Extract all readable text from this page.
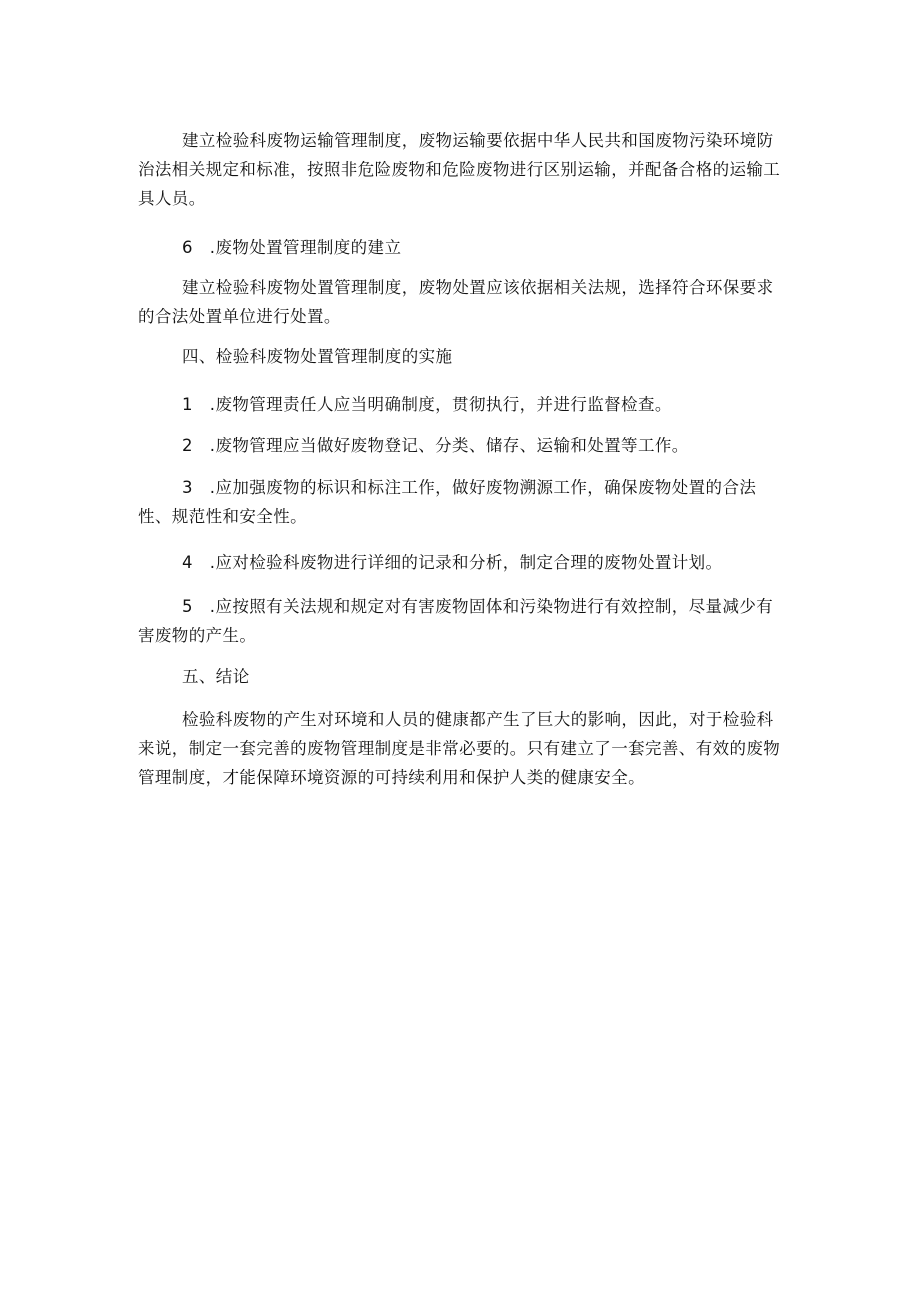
建立检验科废物运输管理制度，废物运输要依据中华人民共和国废物污染环境防治法相关规定和标准，按照非危险废物和危险废物进行区别运输，并配备合格的运输工具人员。

6　.废物处置管理制度的建立

建立检验科废物处置管理制度，废物处置应该依据相关法规，选择符合环保要求的合法处置单位进行处置。

四、检验科废物处置管理制度的实施

1　.废物管理责任人应当明确制度，贯彻执行，并进行监督检查。

2　.废物管理应当做好废物登记、分类、储存、运输和处置等工作。

3　.应加强废物的标识和标注工作，做好废物溯源工作，确保废物处置的合法性、规范性和安全性。

4　.应对检验科废物进行详细的记录和分析，制定合理的废物处置计划。

5　.应按照有关法规和规定对有害废物固体和污染物进行有效控制，尽量减少有害废物的产生。

五、结论

检验科废物的产生对环境和人员的健康都产生了巨大的影响，因此，对于检验科来说，制定一套完善的废物管理制度是非常必要的。只有建立了一套完善、有效的废物管理制度，才能保障环境资源的可持续利用和保护人类的健康安全。
